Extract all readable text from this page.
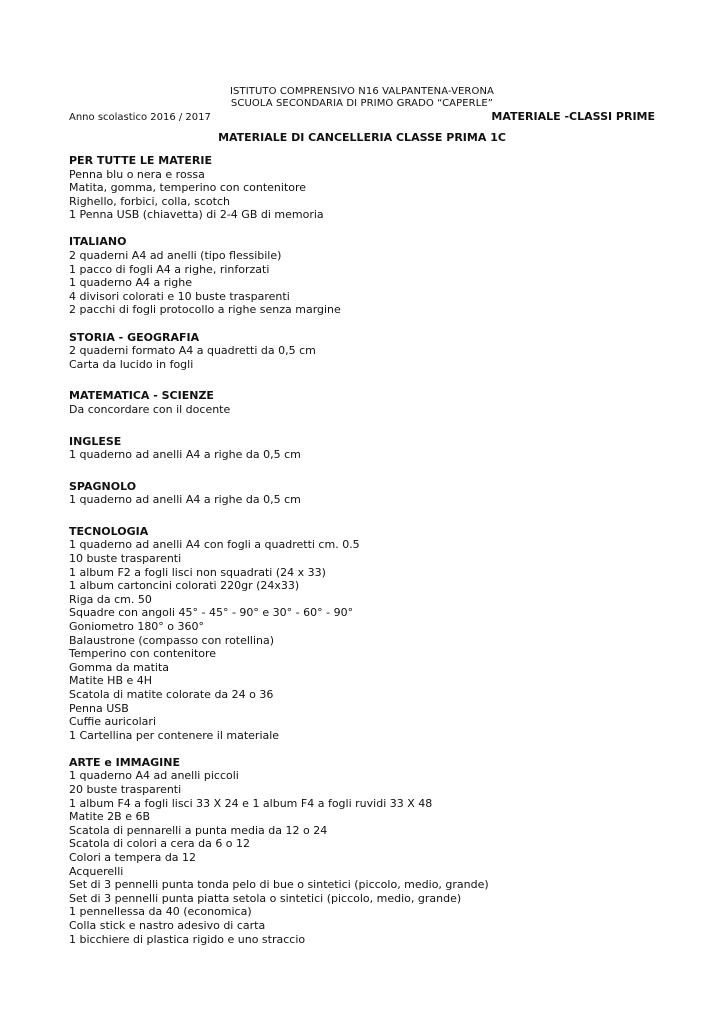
ISTITUTO COMPRENSIVO N16 VALPANTENA-VERONA
SCUOLA SECONDARIA DI PRIMO GRADO “CAPERLE”
Anno scolastico 2016 / 2017	MATERIALE -CLASSI PRIME
MATERIALE DI CANCELLERIA CLASSE PRIMA 1C
PER TUTTE LE MATERIE
Penna blu o nera e rossa
Matita, gomma, temperino con contenitore
Righello, forbici, colla, scotch
1 Penna USB (chiavetta) di 2-4 GB di memoria
ITALIANO
2 quaderni A4 ad anelli (tipo flessibile)
1 pacco di fogli A4 a righe, rinforzati
1 quaderno A4 a righe
4 divisori colorati e 10 buste trasparenti
2 pacchi di fogli protocollo a righe senza margine
STORIA - GEOGRAFIA
2 quaderni formato A4 a quadretti da 0,5 cm
Carta da lucido in fogli
MATEMATICA - SCIENZE
Da concordare con il docente
INGLESE
1 quaderno ad anelli A4 a righe da 0,5 cm
SPAGNOLO
1 quaderno ad anelli A4 a righe da 0,5 cm
TECNOLOGIA
1 quaderno ad anelli A4 con fogli a quadretti cm. 0.5
10 buste trasparenti
1 album F2 a fogli lisci non squadrati (24 x 33)
1 album cartoncini colorati 220gr (24x33)
Riga da cm. 50
Squadre con angoli 45° - 45° - 90° e 30° - 60° - 90°
Goniometro 180° o 360°
Balaustrone (compasso con rotellina)
Temperino con contenitore
Gomma da matita
Matite HB e 4H
Scatola di matite colorate da 24 o 36
Penna USB
Cuffie auricolari
1 Cartellina per contenere il materiale
ARTE e IMMAGINE
1 quaderno A4 ad anelli piccoli
20 buste trasparenti
1 album F4 a fogli lisci 33 X 24 e 1 album F4 a fogli ruvidi 33 X 48
Matite 2B e 6B
Scatola di pennarelli a punta media da 12 o 24
Scatola di colori a cera da 6 o 12
Colori a tempera da 12
Acquerelli
Set di 3 pennelli punta tonda pelo di bue o sintetici (piccolo, medio, grande)
Set di 3 pennelli punta piatta setola o sintetici (piccolo, medio, grande)
1 pennellessa da 40 (economica)
Colla stick e nastro adesivo di carta
1 bicchiere di plastica rigido e uno straccio
